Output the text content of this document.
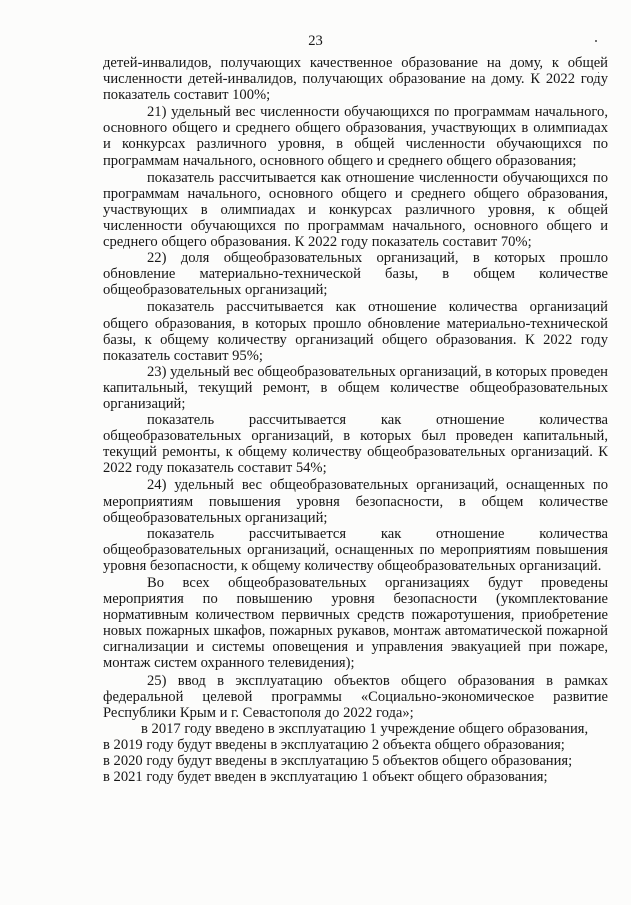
23

детей-инвалидов, получающих качественное образование на дому, к общей численности детей-инвалидов, получающих образование на дому. К 2022 году показатель составит 100%;

21) удельный вес численности обучающихся по программам начального, основного общего и среднего общего образования, участвующих в олимпиадах и конкурсах различного уровня, в общей численности обучающихся по программам начального, основного общего и среднего общего образования;

показатель рассчитывается как отношение численности обучающихся по программам начального, основного общего и среднего общего образования, участвующих в олимпиадах и конкурсах различного уровня, к общей численности обучающихся по программам начального, основного общего и среднего общего образования. К 2022 году показатель составит 70%;

22) доля общеобразовательных организаций, в которых прошло обновление материально-технической базы, в общем количестве общеобразовательных организаций;

показатель рассчитывается как отношение количества организаций общего образования, в которых прошло обновление материально-технической базы, к общему количеству организаций общего образования. К 2022 году показатель составит 95%;

23) удельный вес общеобразовательных организаций, в которых проведен капитальный, текущий ремонт, в общем количестве общеобразовательных организаций;

показатель рассчитывается как отношение количества общеобразовательных организаций, в которых был проведен капитальный, текущий ремонты, к общему количеству общеобразовательных организаций. К 2022 году показатель составит 54%;

24) удельный вес общеобразовательных организаций, оснащенных по мероприятиям повышения уровня безопасности, в общем количестве общеобразовательных организаций;

показатель рассчитывается как отношение количества общеобразовательных организаций, оснащенных по мероприятиям повышения уровня безопасности, к общему количеству общеобразовательных организаций.

Во всех общеобразовательных организациях будут проведены мероприятия по повышению уровня безопасности (укомплектование нормативным количеством первичных средств пожаротушения, приобретение новых пожарных шкафов, пожарных рукавов, монтаж автоматической пожарной сигнализации и системы оповещения и управления эвакуацией при пожаре, монтаж систем охранного телевидения);

25) ввод в эксплуатацию объектов общего образования в рамках федеральной целевой программы «Социально-экономическое развитие Республики Крым и г. Севастополя до 2022 года»;

в 2017 году введено в эксплуатацию 1 учреждение общего образования,

в 2019 году будут введены в эксплуатацию 2 объекта общего образования;

в 2020 году будут введены в эксплуатацию 5 объектов общего образования;

в 2021 году будет введен в эксплуатацию 1 объект общего образования;
